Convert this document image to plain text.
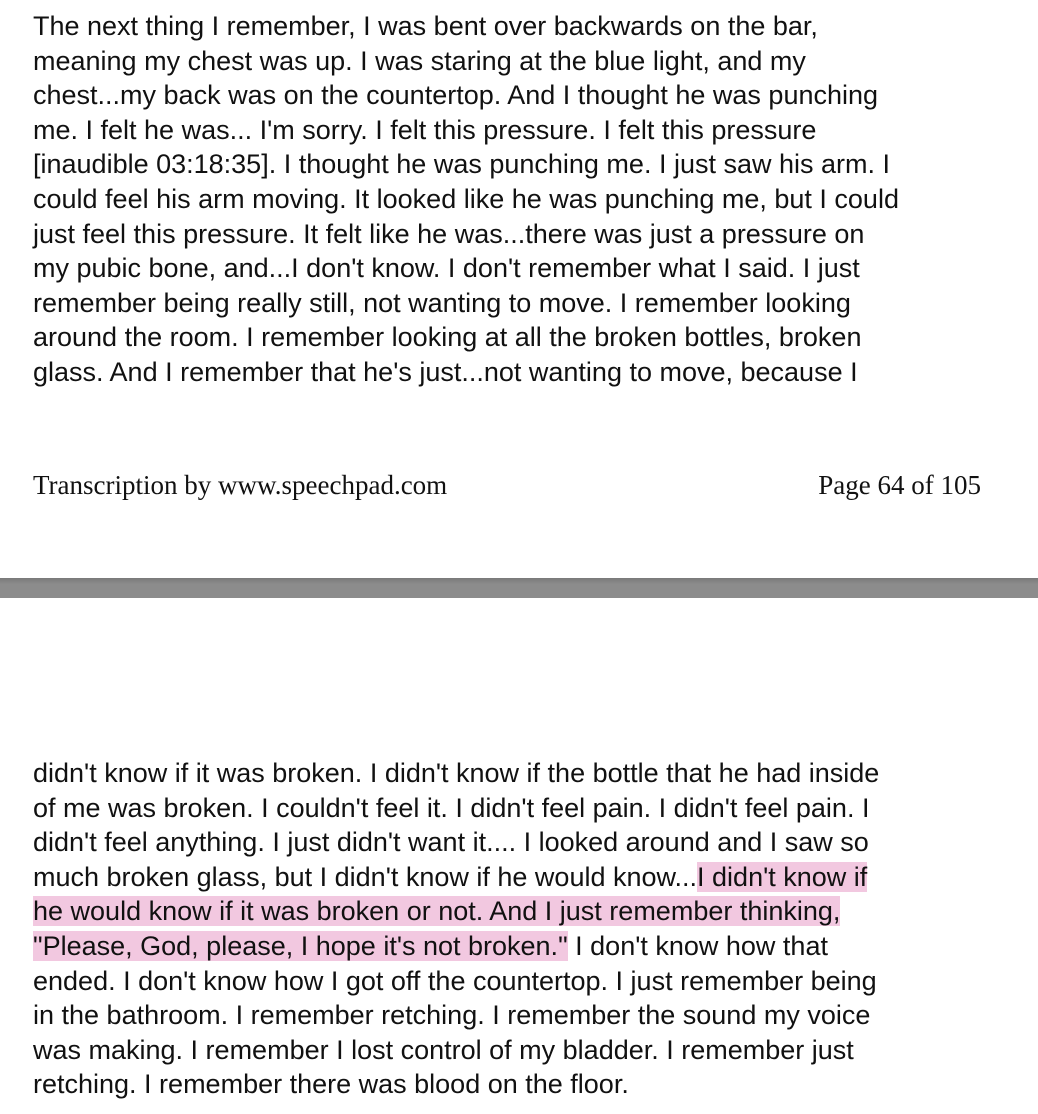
The next thing I remember, I was bent over backwards on the bar,
meaning my chest was up. I was staring at the blue light, and my
chest...my back was on the countertop. And I thought he was punching
me. I felt he was... I'm sorry. I felt this pressure. I felt this pressure
[inaudible 03:18:35]. I thought he was punching me. I just saw his arm. I
could feel his arm moving. It looked like he was punching me, but I could
just feel this pressure. It felt like he was...there was just a pressure on
my pubic bone, and...I don't know. I don't remember what I said. I just
remember being really still, not wanting to move. I remember looking
around the room. I remember looking at all the broken bottles, broken
glass. And I remember that he's just...not wanting to move, because I

Transcription by www.speechpad.com	Page 64 of 105

didn't know if it was broken. I didn't know if the bottle that he had inside
of me was broken. I couldn't feel it. I didn't feel pain. I didn't feel pain. I
didn't feel anything. I just didn't want it.... I looked around and I saw so
much broken glass, but I didn't know if he would know...I didn't know if
he would know if it was broken or not. And I just remember thinking,
"Please, God, please, I hope it's not broken." I don't know how that
ended. I don't know how I got off the countertop. I just remember being
in the bathroom. I remember retching. I remember the sound my voice
was making. I remember I lost control of my bladder. I remember just
retching. I remember there was blood on the floor.
